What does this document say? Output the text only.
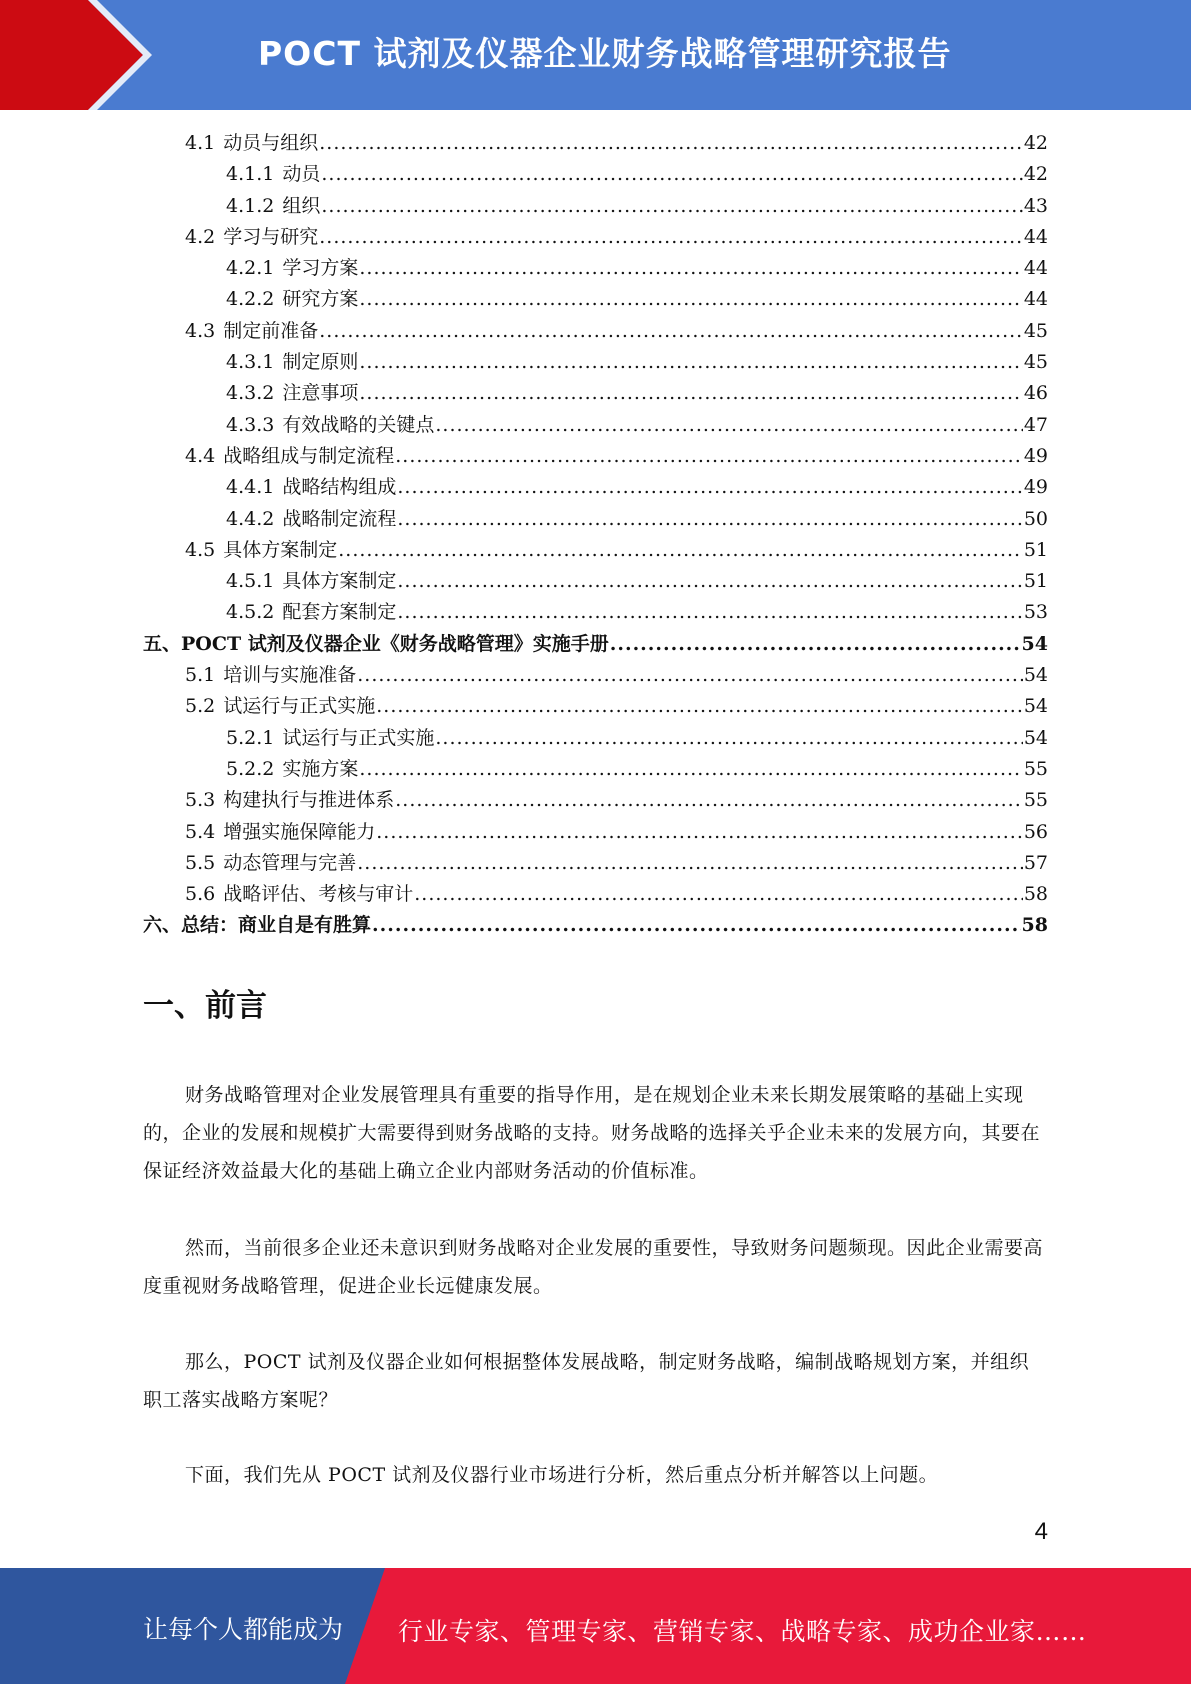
POCT 试剂及仪器企业财务战略管理研究报告
4.1 动员与组织 .....	42
4.1.1 动员 .....	42
4.1.2 组织 .....	43
4.2 学习与研究 .....	44
4.2.1 学习方案 .....	44
4.2.2 研究方案 .....	44
4.3 制定前准备 .....	45
4.3.1 制定原则 .....	45
4.3.2 注意事项 .....	46
4.3.3 有效战略的关键点 .....	47
4.4 战略组成与制定流程 .....	49
4.4.1 战略结构组成 .....	49
4.4.2 战略制定流程 .....	50
4.5 具体方案制定 .....	51
4.5.1 具体方案制定 .....	51
4.5.2 配套方案制定 .....	53
五、POCT 试剂及仪器企业《财务战略管理》实施手册 .....	54
5.1 培训与实施准备 .....	54
5.2 试运行与正式实施 .....	54
5.2.1 试运行与正式实施 .....	54
5.2.2 实施方案 .....	55
5.3 构建执行与推进体系 .....	55
5.4 增强实施保障能力 .....	56
5.5 动态管理与完善 .....	57
5.6 战略评估、考核与审计 .....	58
六、总结：商业自是有胜算 .....	58
一、前言
财务战略管理对企业发展管理具有重要的指导作用，是在规划企业未来长期发展策略的基础上实现的，企业的发展和规模扩大需要得到财务战略的支持。财务战略的选择关乎企业未来的发展方向，其要在保证经济效益最大化的基础上确立企业内部财务活动的价值标准。
然而，当前很多企业还未意识到财务战略对企业发展的重要性，导致财务问题频现。因此企业需要高度重视财务战略管理，促进企业长远健康发展。
那么，POCT 试剂及仪器企业如何根据整体发展战略，制定财务战略，编制战略规划方案，并组织职工落实战略方案呢？
下面，我们先从 POCT 试剂及仪器行业市场进行分析，然后重点分析并解答以上问题。
4
让每个人都能成为 行业专家、管理专家、营销专家、战略专家、成功企业家……
